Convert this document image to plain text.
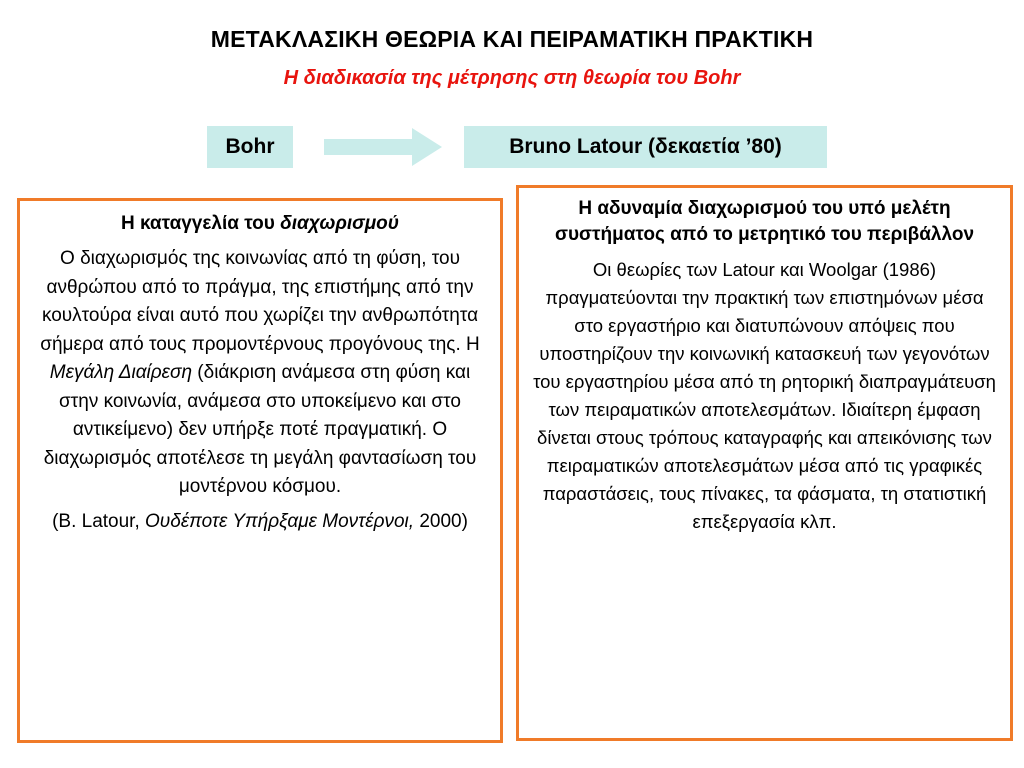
ΜΕΤΑΚΛΑΣΙΚΗ ΘΕΩΡΙΑ ΚΑΙ ΠΕΙΡΑΜΑΤΙΚΗ ΠΡΑΚΤΙΚΗ
Η διαδικασία της μέτρησης στη θεωρία του Bohr
Bohr	Bruno Latour (δεκαετία ’80)

Η καταγγελία του διαχωρισμού

Ο διαχωρισμός της κοινωνίας από τη φύση, του ανθρώπου από το πράγμα, της επιστήμης από την κουλτούρα είναι αυτό που χωρίζει την ανθρωπότητα σήμερα από τους προμοντέρνους προγόνους της. Η Μεγάλη Διαίρεση (διάκριση ανάμεσα στη φύση και στην κοινωνία, ανάμεσα στο υποκείμενο και στο αντικείμενο) δεν υπήρξε ποτέ πραγματική. Ο διαχωρισμός αποτέλεσε τη μεγάλη φαντασίωση του μοντέρνου κόσμου.

(B. Latour, Ουδέποτε Υπήρξαμε Μοντέρνοι, 2000)

Η αδυναμία διαχωρισμού του υπό μελέτη συστήματος από το μετρητικό του περιβάλλον

Οι θεωρίες των Latour και Woolgar (1986) πραγματεύονται την πρακτική των επιστημόνων μέσα στο εργαστήριο και διατυπώνουν απόψεις που υποστηρίζουν την κοινωνική κατασκευή των γεγονότων του εργαστηρίου μέσα από τη ρητορική διαπραγμάτευση των πειραματικών αποτελεσμάτων. Ιδιαίτερη έμφαση δίνεται στους τρόπους καταγραφής και απεικόνισης των πειραματικών αποτελεσμάτων μέσα από τις γραφικές παραστάσεις, τους πίνακες, τα φάσματα, τη στατιστική επεξεργασία κλπ.
